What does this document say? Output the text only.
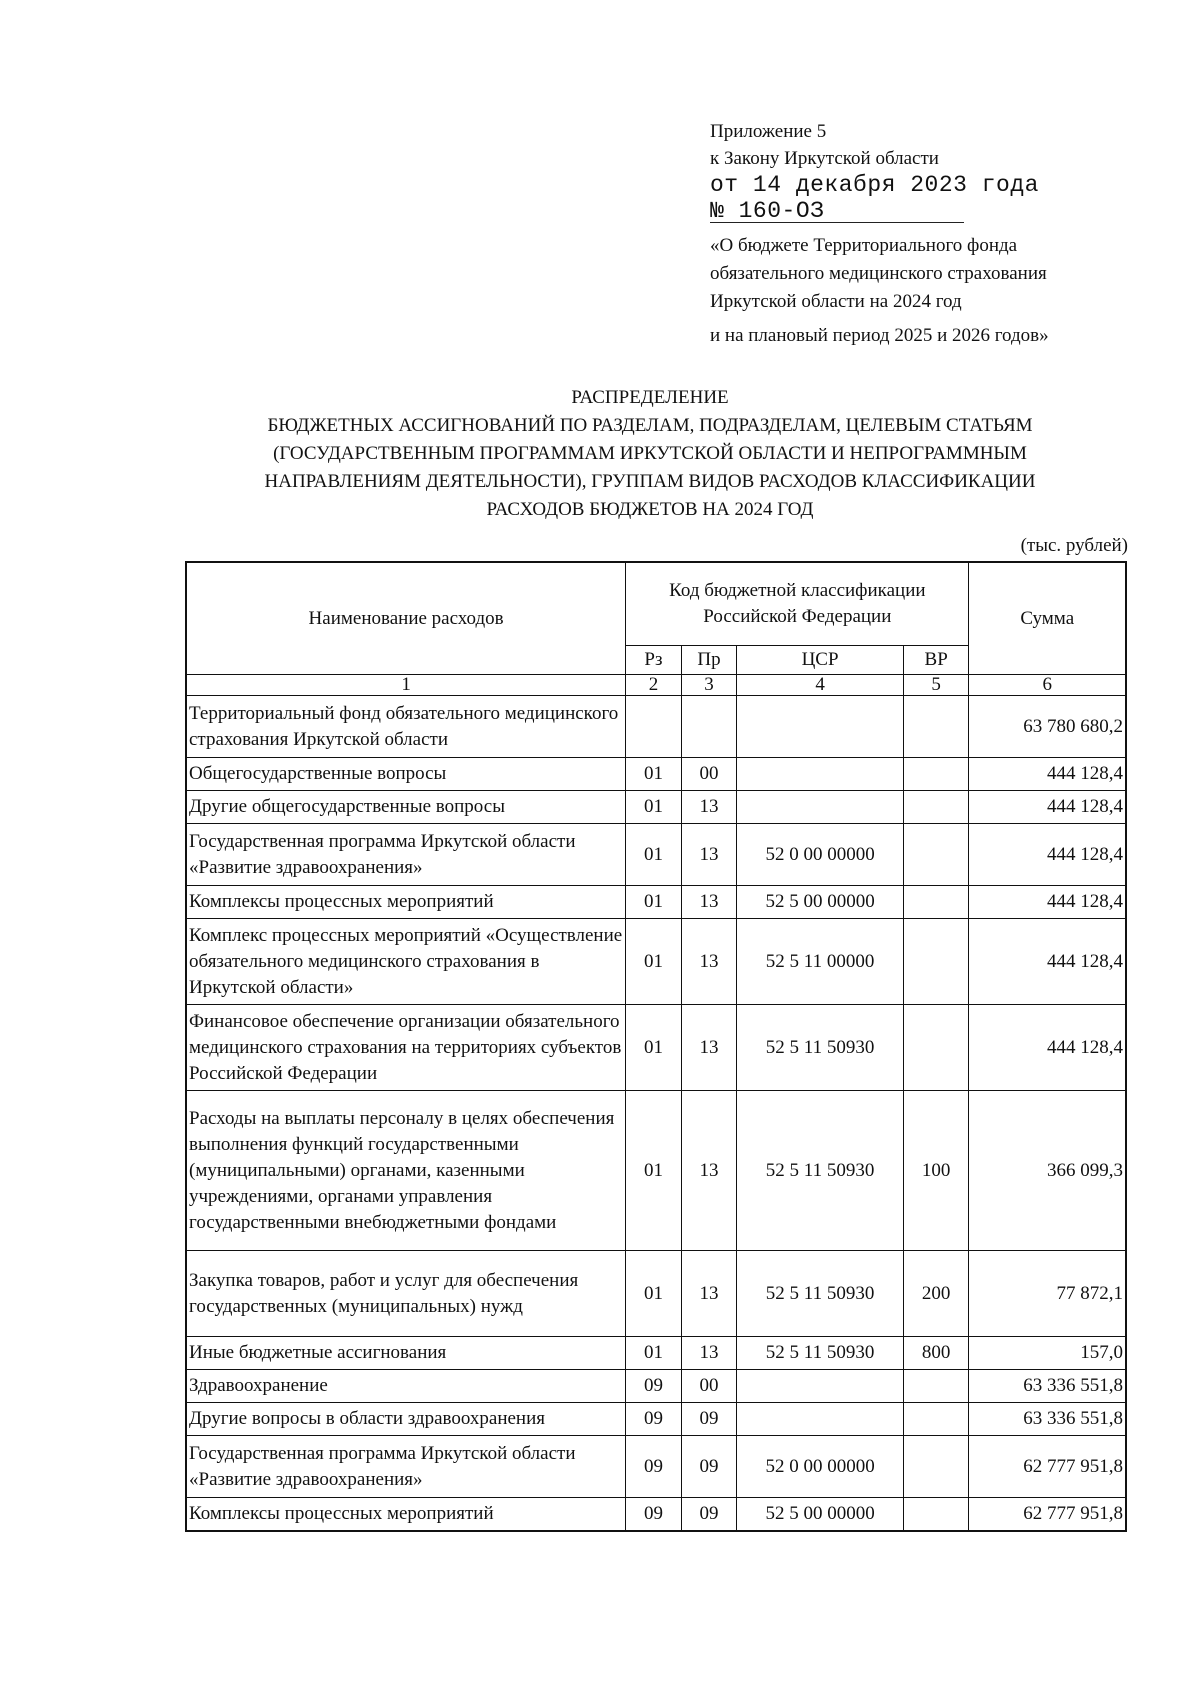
Приложение 5
к Закону Иркутской области
от 14 декабря 2023 года
№ 160-ОЗ
«О бюджете Территориального фонда
обязательного медицинского страхования
Иркутской области на 2024 год
и на плановый период 2025 и 2026 годов»
РАСПРЕДЕЛЕНИЕ
БЮДЖЕТНЫХ АССИГНОВАНИЙ ПО РАЗДЕЛАМ, ПОДРАЗДЕЛАМ, ЦЕЛЕВЫМ СТАТЬЯМ
(ГОСУДАРСТВЕННЫМ ПРОГРАММАМ ИРКУТСКОЙ ОБЛАСТИ И НЕПРОГРАММНЫМ
НАПРАВЛЕНИЯМ ДЕЯТЕЛЬНОСТИ), ГРУППАМ ВИДОВ РАСХОДОВ КЛАССИФИКАЦИИ
РАСХОДОВ БЮДЖЕТОВ НА 2024 ГОД
(тыс. рублей)
Наименование расходов	Код бюджетной классификации Российской Федерации				Сумма
	Рз	Пр	ЦСР	ВР	
1	2	3	4	5	6
Территориальный фонд обязательного медицинского страхования Иркутской области					63 780 680,2
Общегосударственные вопросы	01	00			444 128,4
Другие общегосударственные вопросы	01	13			444 128,4
Государственная программа Иркутской области «Развитие здравоохранения»	01	13	52 0 00 00000		444 128,4
Комплексы процессных мероприятий	01	13	52 5 00 00000		444 128,4
Комплекс процессных мероприятий «Осуществление обязательного медицинского страхования в Иркутской области»	01	13	52 5 11 00000		444 128,4
Финансовое обеспечение организации обязательного медицинского страхования на территориях субъектов Российской Федерации	01	13	52 5 11 50930		444 128,4
Расходы на выплаты персоналу в целях обеспечения выполнения функций государственными (муниципальными) органами, казенными учреждениями, органами управления государственными внебюджетными фондами	01	13	52 5 11 50930	100	366 099,3
Закупка товаров, работ и услуг для обеспечения государственных (муниципальных) нужд	01	13	52 5 11 50930	200	77 872,1
Иные бюджетные ассигнования	01	13	52 5 11 50930	800	157,0
Здравоохранение	09	00			63 336 551,8
Другие вопросы в области здравоохранения	09	09			63 336 551,8
Государственная программа Иркутской области «Развитие здравоохранения»	09	09	52 0 00 00000		62 777 951,8
Комплексы процессных мероприятий	09	09	52 5 00 00000		62 777 951,8
